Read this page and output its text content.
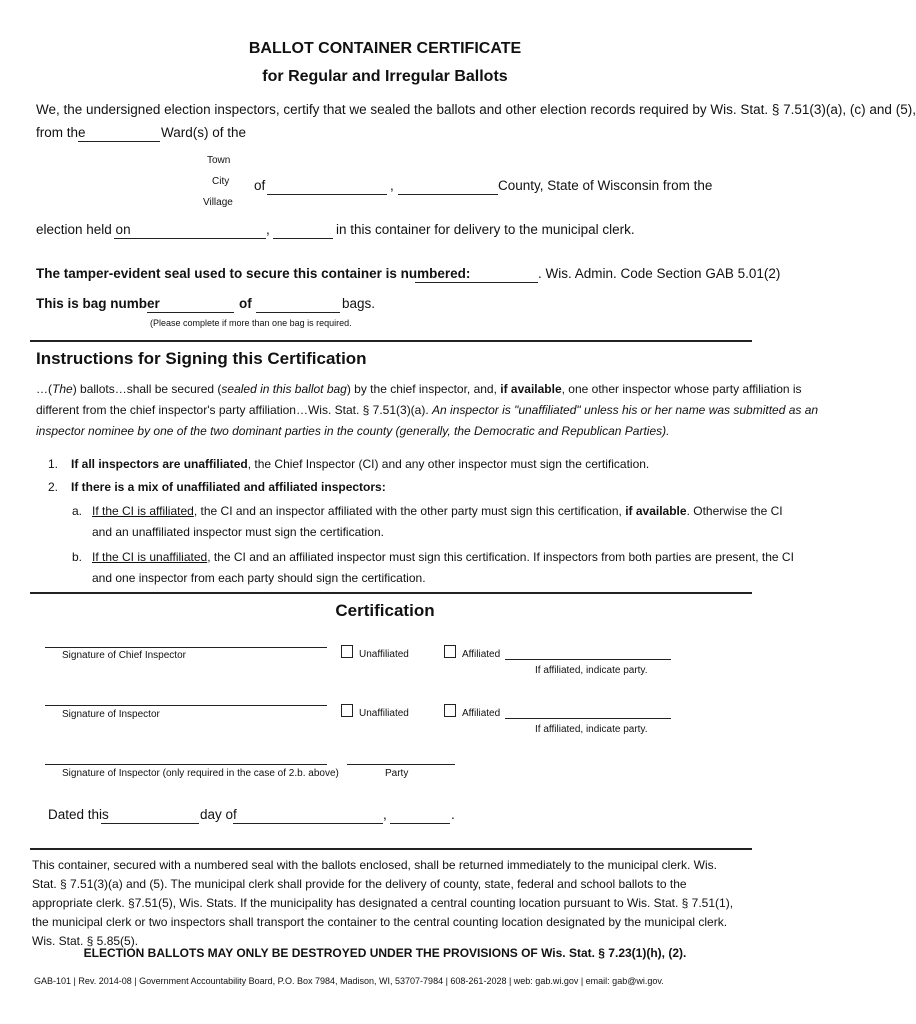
BALLOT CONTAINER CERTIFICATE
for Regular and Irregular Ballots
We, the undersigned election inspectors, certify that we sealed the ballots and other election records required by Wis. Stat. § 7.51(3)(a), (c) and (5),
from the	Ward(s) of the
Town
City
Village
of	,	County, State of Wisconsin from the
election held on	,	in this container for delivery to the municipal clerk.
The tamper-evident seal used to secure this container is numbered:	. Wis. Admin. Code Section GAB 5.01(2)
This is bag number	of	bags.
(Please complete if more than one bag is required.
Instructions for Signing this Certification
…(The) ballots…shall be secured (sealed in this ballot bag) by the chief inspector, and, if available, one other inspector whose party affiliation is
different from the chief inspector's party affiliation…Wis. Stat. § 7.51(3)(a). An inspector is "unaffiliated" unless his or her name was submitted as an
inspector nominee by one of the two dominant parties in the county (generally, the Democratic and Republican Parties).
1. If all inspectors are unaffiliated, the Chief Inspector (CI) and any other inspector must sign the certification.
2. If there is a mix of unaffiliated and affiliated inspectors:
a. If the CI is affiliated, the CI and an inspector affiliated with the other party must sign this certification, if available. Otherwise the CI
and an unaffiliated inspector must sign the certification.
b. If the CI is unaffiliated, the CI and an affiliated inspector must sign this certification. If inspectors from both parties are present, the CI
and one inspector from each party should sign the certification.
Certification
Signature of Chief Inspector	Unaffiliated	Affiliated
If affiliated, indicate party.
Signature of Inspector	Unaffiliated	Affiliated
If affiliated, indicate party.
Signature of Inspector (only required in the case of 2.b. above)	Party
Dated this	day of	,	.
This container, secured with a numbered seal with the ballots enclosed, shall be returned immediately to the municipal clerk. Wis. Stat. § 7.51(3)(a) and (5). The municipal clerk shall provide for the delivery of county, state, federal and school ballots to the appropriate clerk. §7.51(5), Wis. Stats. If the municipality has designated a central counting location pursuant to Wis. Stat. § 7.51(1), the municipal clerk or two inspectors shall transport the container to the central counting location designated by the municipal clerk. Wis. Stat. § 5.85(5).
ELECTION BALLOTS MAY ONLY BE DESTROYED UNDER THE PROVISIONS OF Wis. Stat. § 7.23(1)(h), (2).
GAB-101 | Rev. 2014-08 | Government Accountability Board, P.O. Box 7984, Madison, WI, 53707-7984 | 608-261-2028 | web: gab.wi.gov | email: gab@wi.gov.
